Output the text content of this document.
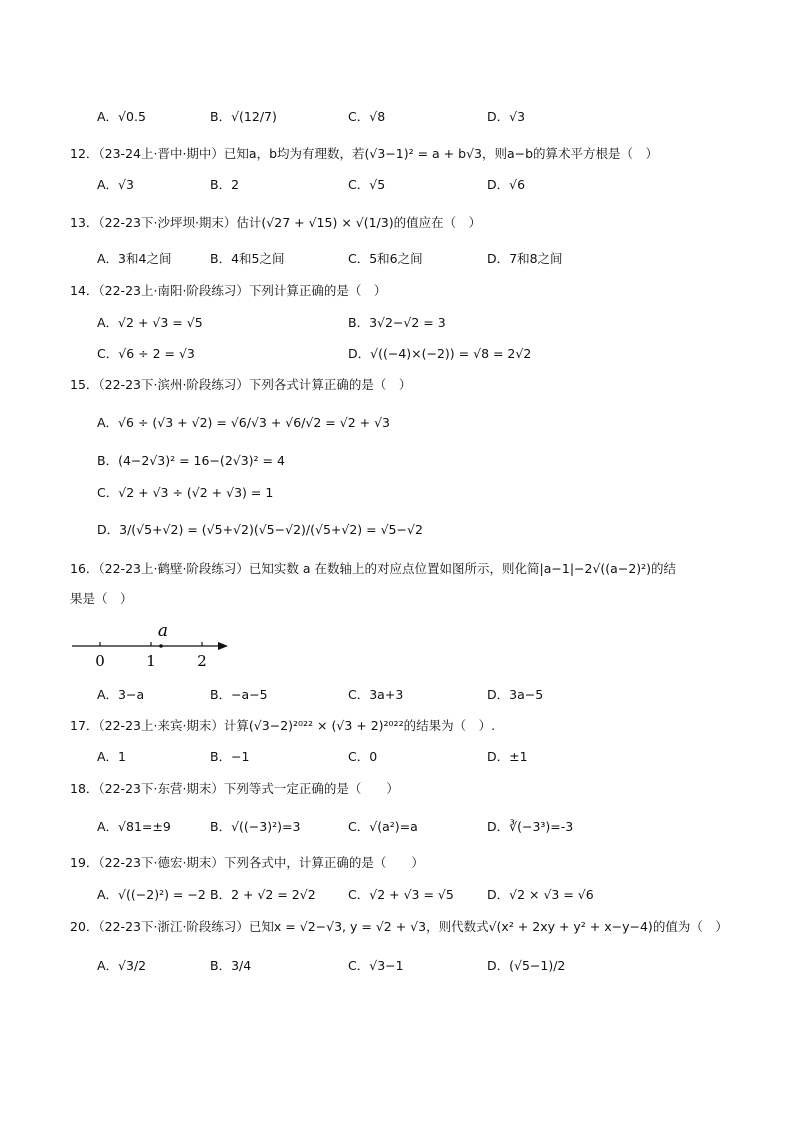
A．√0.5	B．√(12/7)	C．√8	D．√3
12．（23-24上·晋中·期中）已知a，b均为有理数，若(√3−1)² = a + b√3，则a−b的算术平方根是（　）
A．√3	B．2	C．√5	D．√6
13．（22-23下·沙坪坝·期末）估计(√27 + √15) × √(1/3)的值应在（　）
A．3和4之间	B．4和5之间	C．5和6之间	D．7和8之间
14．（22-23上·南阳·阶段练习）下列计算正确的是（　）
A．√2 + √3 = √5	B．3√2−√2 = 3
C．√6 ÷ 2 = √3	D．√((−4)×(−2)) = √8 = 2√2
15．（22-23下·滨州·阶段练习）下列各式计算正确的是（　）
A．√6 ÷ (√3 + √2) = √6/√3 + √6/√2 = √2 + √3
B．(4−2√3)² = 16−(2√3)² = 4
C．√2 + √3 ÷ (√2 + √3) = 1
D．3/(√5+√2) = (√5+√2)(√5−√2)/(√5+√2) = √5−√2
16．（22-23上·鹤壁·阶段练习）已知实数 a 在数轴上的对应点位置如图所示，则化简|a−1|−2√((a−2)²)的结
果是（　）
a
0	1	2
A．3−a	B．−a−5	C．3a+3	D．3a−5
17．（22-23上·来宾·期末）计算(√3−2)²⁰²² × (√3 + 2)²⁰²²的结果为（　）.
A．1	B．−1	C．0	D．±1
18．（22-23下·东营·期末）下列等式一定正确的是（　　）
A．√81=±9	B．√((−3)²)=3	C．√(a²)=a	D．∛(−3³)=-3
19．（22-23下·德宏·期末）下列各式中，计算正确的是（　　）
A．√((−2)²) = −2 B．2 + √2 = 2√2	C．√2 + √3 = √5	D．√2 × √3 = √6
20．（22-23下·浙江·阶段练习）已知x = √2−√3, y = √2 + √3，则代数式√(x² + 2xy + y² + x−y−4)的值为（　）
A．√3/2	B．3/4	C．√3−1	D．(√5−1)/2
